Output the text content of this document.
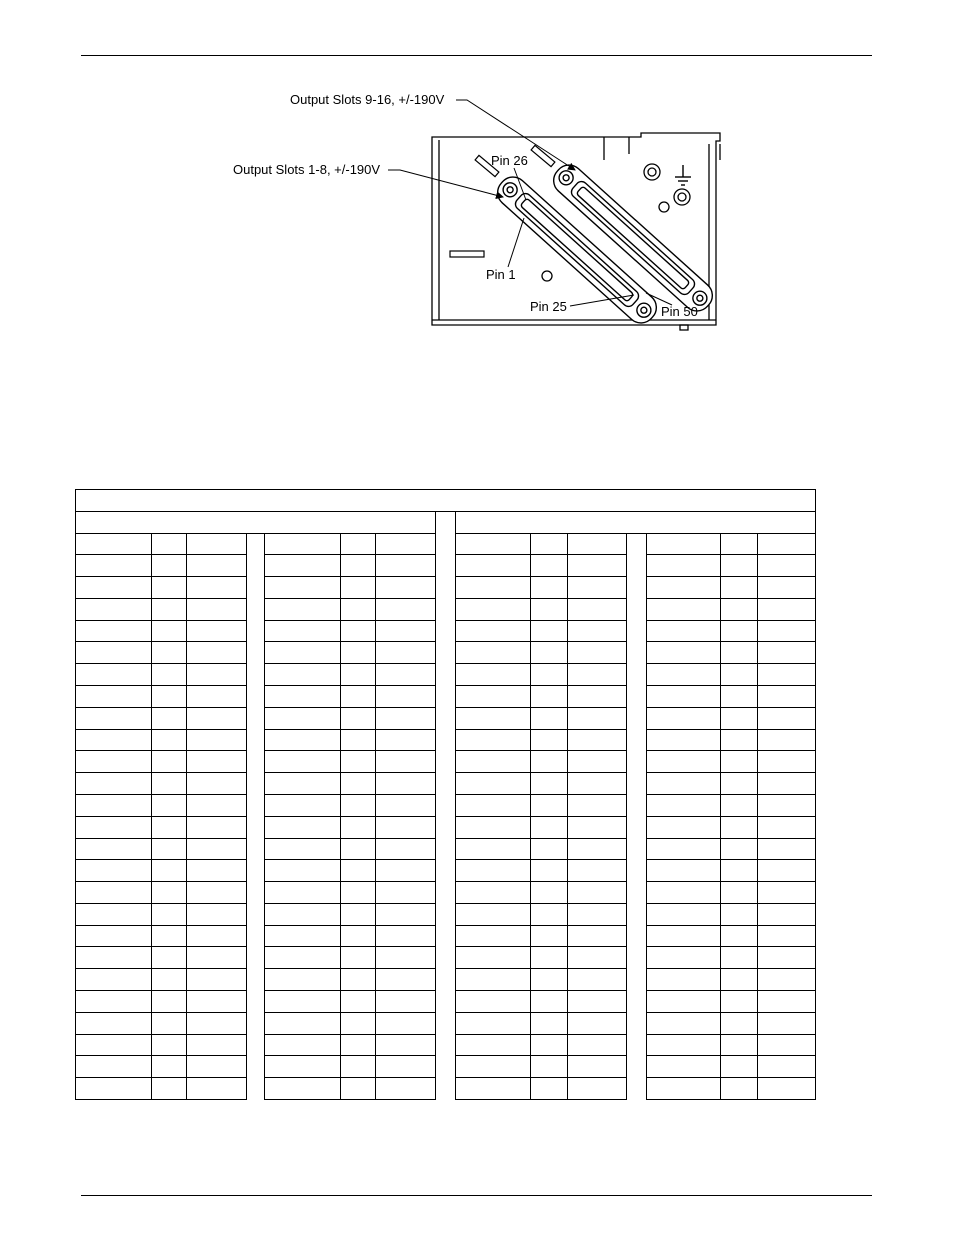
Output Slots 9-16, +/-190V
Output Slots 1-8, +/-190V
Pin 26
Pin 1
Pin 25	Pin 50
